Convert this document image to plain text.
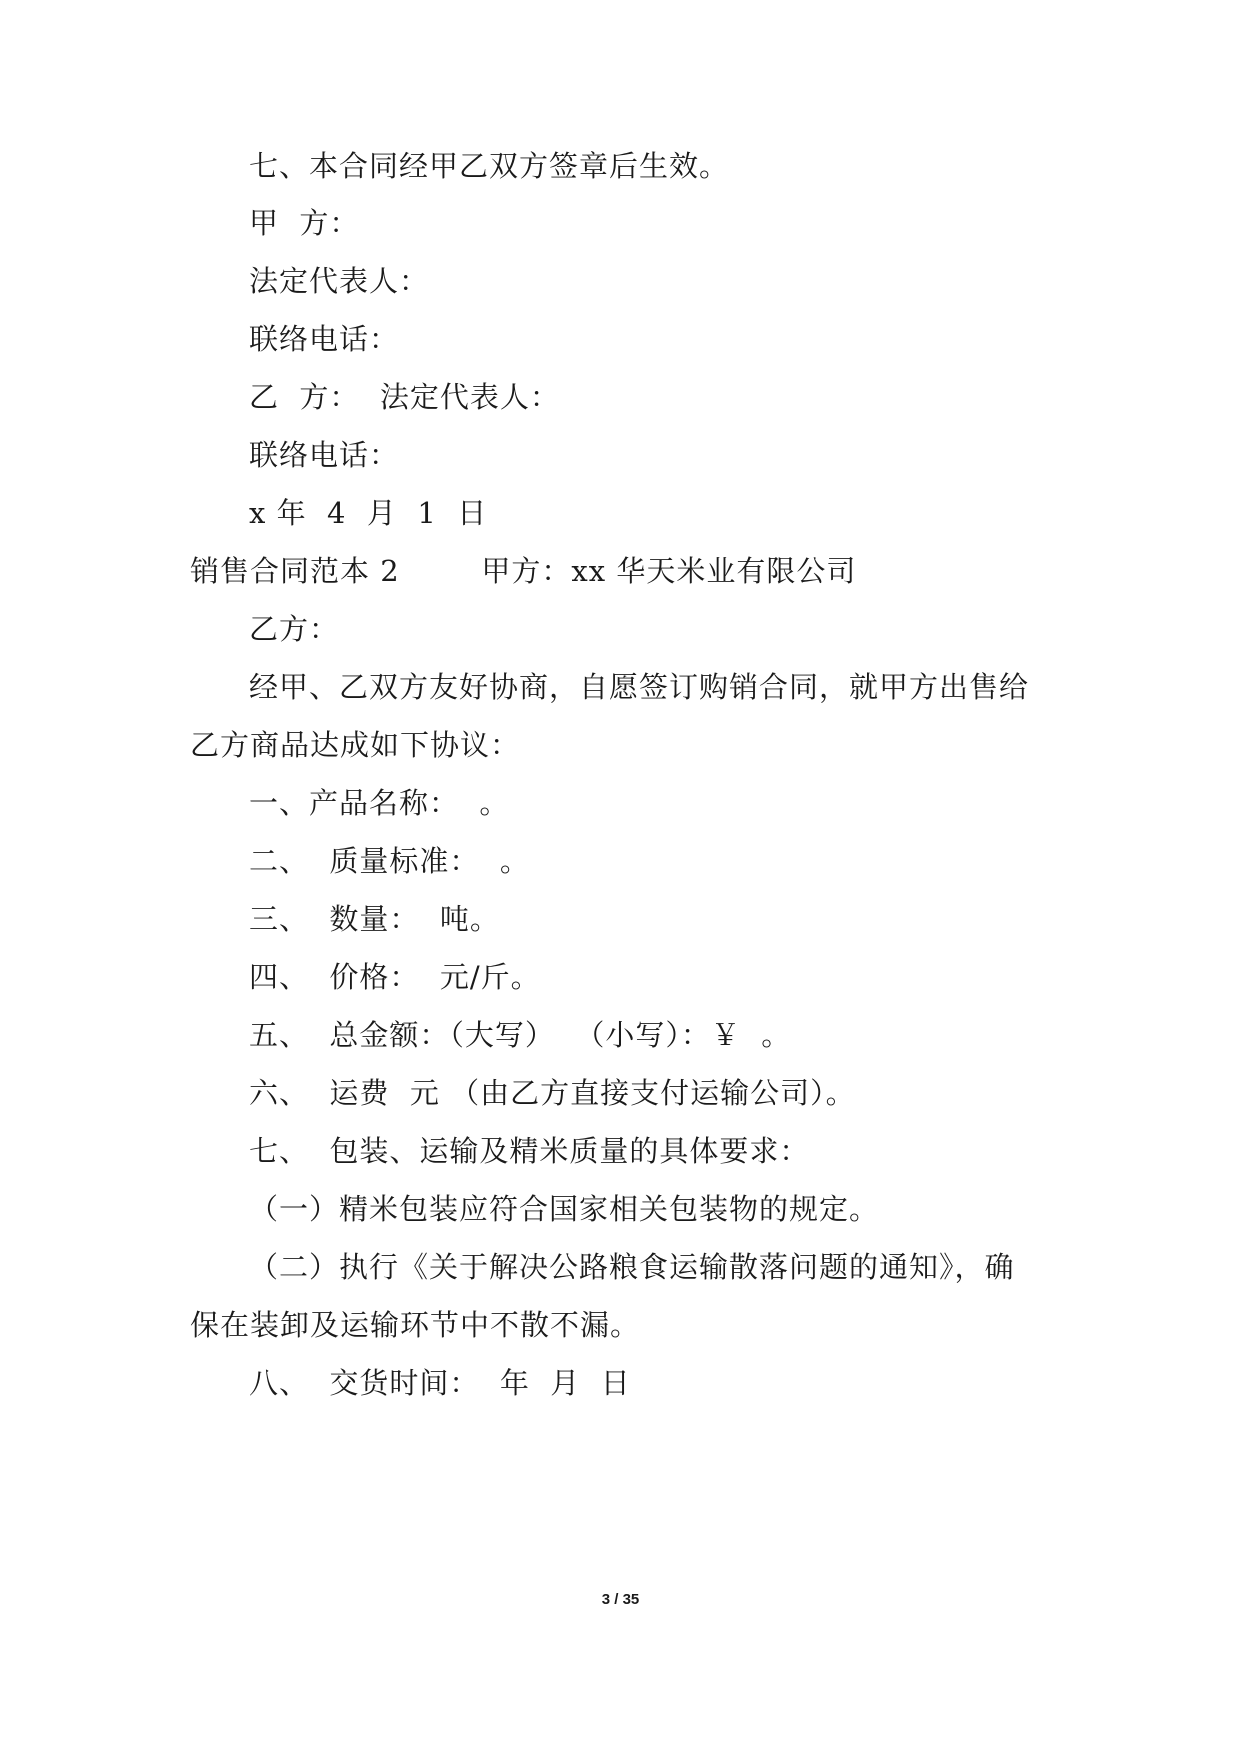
七、本合同经甲乙双方签章后生效。
甲  方：
法定代表人：
联络电话：
乙  方：  法定代表人：
联络电话：
x 年  4  月  1  日
销售合同范本 2        甲方：xx 华天米业有限公司
乙方：
经甲、乙双方友好协商，自愿签订购销合同，就甲方出售给
乙方商品达成如下协议：
一、产品名称：  。
二、  质量标准：  。
三、  数量：  吨。
四、  价格：  元/斤。
五、  总金额：（大写）  （小写）：￥  。
六、  运费  元 （由乙方直接支付运输公司）。
七、  包装、运输及精米质量的具体要求：
（一）精米包装应符合国家相关包装物的规定。
（二）执行《关于解决公路粮食运输散落问题的通知》，确
保在装卸及运输环节中不散不漏。
八、  交货时间：  年  月  日
3 / 35
